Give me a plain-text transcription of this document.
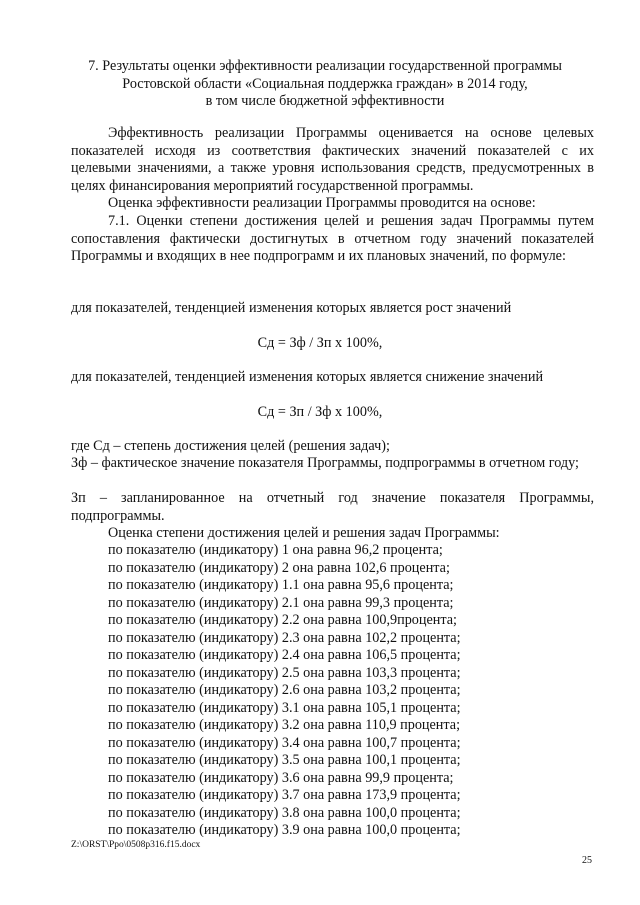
7. Результаты оценки эффективности реализации государственной программы
Ростовской области «Социальная поддержка граждан» в 2014 году,
в том числе бюджетной эффективности
Эффективность реализации Программы оценивается на основе целевых показателей исходя из соответствия фактических значений показателей с их целевыми значениями, а также уровня использования средств, предусмотренных в целях финансирования мероприятий государственной программы.
Оценка эффективности реализации Программы проводится на основе:
7.1. Оценки степени достижения целей и решения задач Программы путем сопоставления фактически достигнутых в отчетном году значений показателей Программы и входящих в нее подпрограмм и их плановых значений, по формуле:
для показателей, тенденцией изменения которых является рост значений
Сд = Зф / Зп х 100%,
для показателей, тенденцией изменения которых является снижение значений
Сд = Зп / Зф х 100%,
где Сд – степень достижения целей (решения задач);
Зф – фактическое значение показателя Программы, подпрограммы в отчетном году;
Зп – запланированное на отчетный год значение показателя Программы, подпрограммы.
Оценка степени достижения целей и решения задач Программы:
по показателю (индикатору) 1 она равна 96,2 процента;
по показателю (индикатору) 2 она равна 102,6 процента;
по показателю (индикатору) 1.1 она равна 95,6 процента;
по показателю (индикатору) 2.1 она равна 99,3 процента;
по показателю (индикатору) 2.2 она равна 100,9процента;
по показателю (индикатору) 2.3 она равна 102,2 процента;
по показателю (индикатору) 2.4 она равна 106,5 процента;
по показателю (индикатору) 2.5 она равна 103,3 процента;
по показателю (индикатору) 2.6 она равна 103,2 процента;
по показателю (индикатору) 3.1 она равна 105,1 процента;
по показателю (индикатору) 3.2 она равна 110,9 процента;
по показателю (индикатору) 3.4 она равна 100,7 процента;
по показателю (индикатору) 3.5 она равна 100,1 процента;
по показателю (индикатору) 3.6 она равна 99,9 процента;
по показателю (индикатору) 3.7 она равна 173,9 процента;
по показателю (индикатору) 3.8 она равна 100,0 процента;
по показателю (индикатору) 3.9 она равна 100,0 процента;
Z:\ORST\Ppo\0508p316.f15.docx
25
